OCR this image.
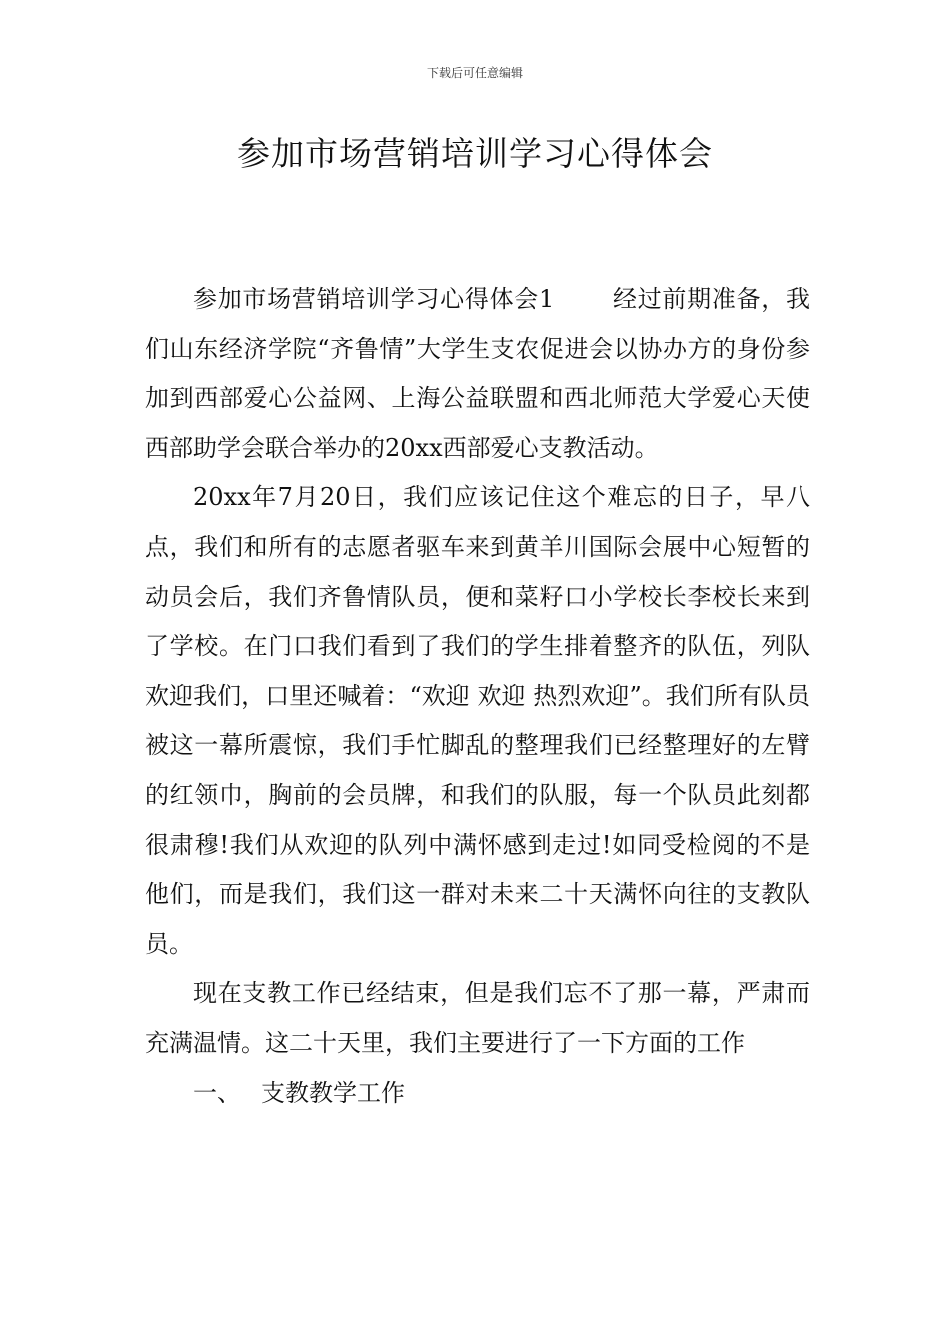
下载后可任意编辑
参加市场营销培训学习心得体会

参加市场营销培训学习心得体会1 经过前期准备，我们山东经济学院“齐鲁情”大学生支农促进会以协办方的身份参加到西部爱心公益网、上海公益联盟和西北师范大学爱心天使西部助学会联合举办的20xx西部爱心支教活动。

20xx年7月20日，我们应该记住这个难忘的日子，早八点，我们和所有的志愿者驱车来到黄羊川国际会展中心短暂的动员会后，我们齐鲁情队员，便和菜籽口小学校长李校长来到了学校。在门口我们看到了我们的学生排着整齐的队伍，列队欢迎我们，口里还喊着：“欢迎 欢迎 热烈欢迎”。我们所有队员被这一幕所震惊，我们手忙脚乱的整理我们已经整理好的左臂的红领巾，胸前的会员牌，和我们的队服，每一个队员此刻都很肃穆!我们从欢迎的队列中满怀感到走过!如同受检阅的不是他们，而是我们，我们这一群对未来二十天满怀向往的支教队员。

现在支教工作已经结束，但是我们忘不了那一幕，严肃而充满温情。这二十天里，我们主要进行了一下方面的工作

一、 支教教学工作
